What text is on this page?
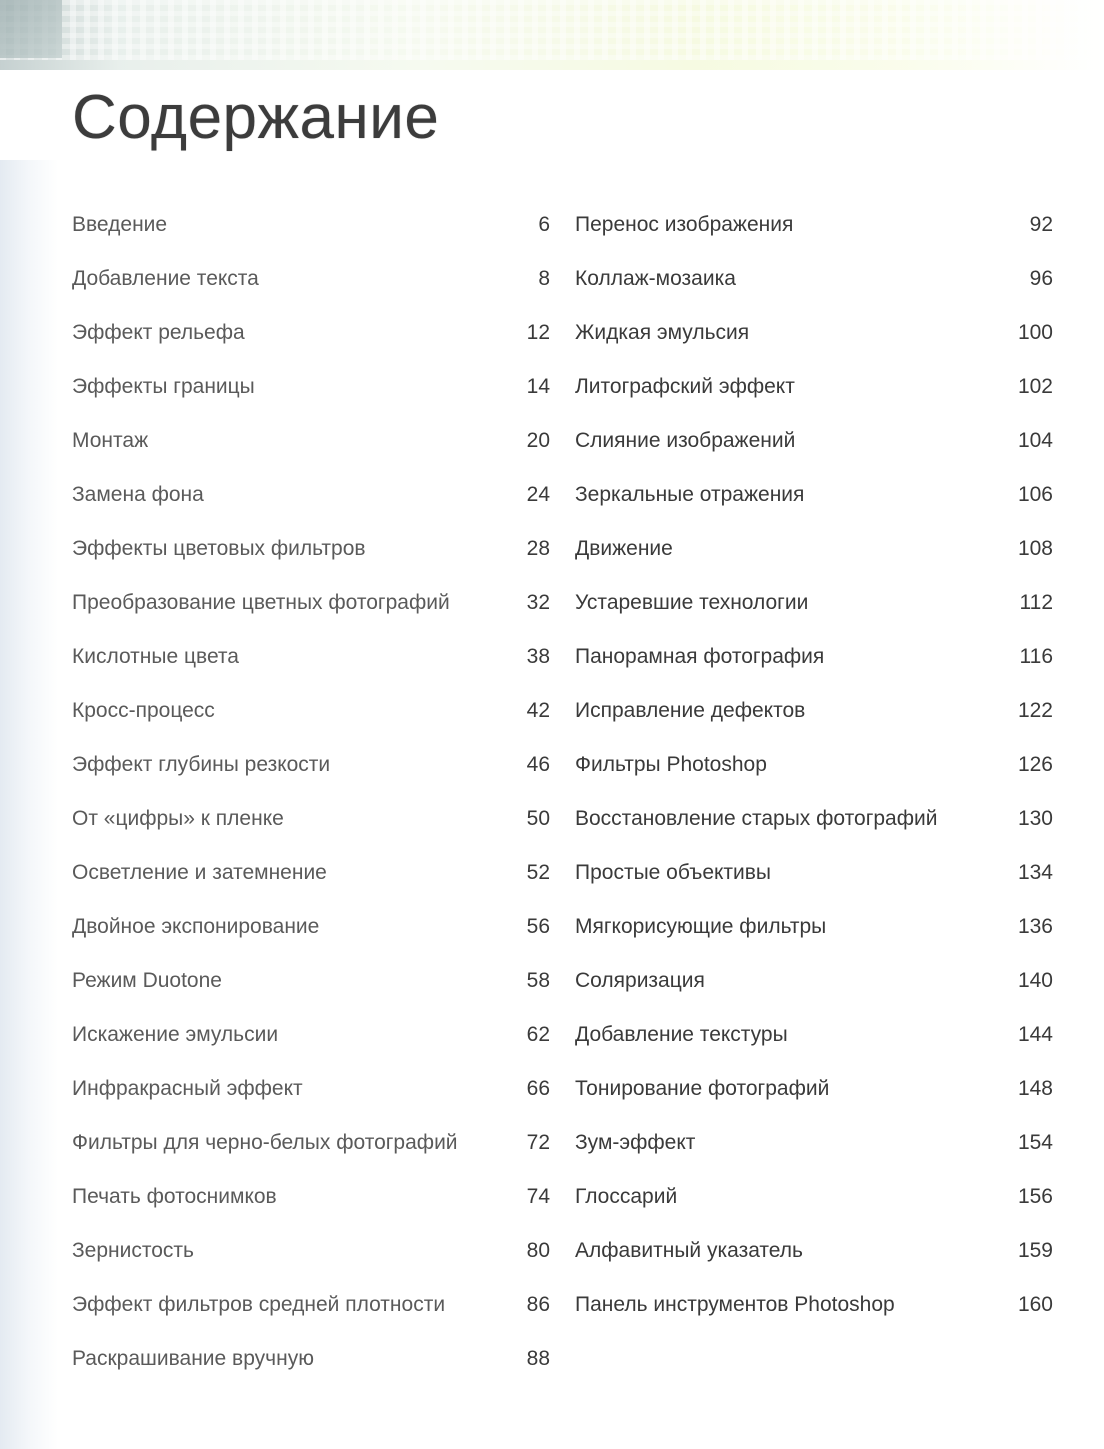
Содержание
Введение	6
Добавление текста	8
Эффект рельефа	12
Эффекты границы	14
Монтаж	20
Замена фона	24
Эффекты цветовых фильтров	28
Преобразование цветных фотографий	32
Кислотные цвета	38
Кросс-процесс	42
Эффект глубины резкости	46
От «цифры» к пленке	50
Осветление и затемнение	52
Двойное экспонирование	56
Режим Duotone	58
Искажение эмульсии	62
Инфракрасный эффект	66
Фильтры для черно-белых фотографий	72
Печать фотоснимков	74
Зернистость	80
Эффект фильтров средней плотности	86
Раскрашивание вручную	88
Перенос изображения	92
Коллаж-мозаика	96
Жидкая эмульсия	100
Литографский эффект	102
Слияние изображений	104
Зеркальные отражения	106
Движение	108
Устаревшие технологии	112
Панорамная фотография	116
Исправление дефектов	122
Фильтры Photoshop	126
Восстановление старых фотографий	130
Простые объективы	134
Мягкорисующие фильтры	136
Соляризация	140
Добавление текстуры	144
Тонирование фотографий	148
Зум-эффект	154
Глоссарий	156
Алфавитный указатель	159
Панель инструментов Photoshop	160
